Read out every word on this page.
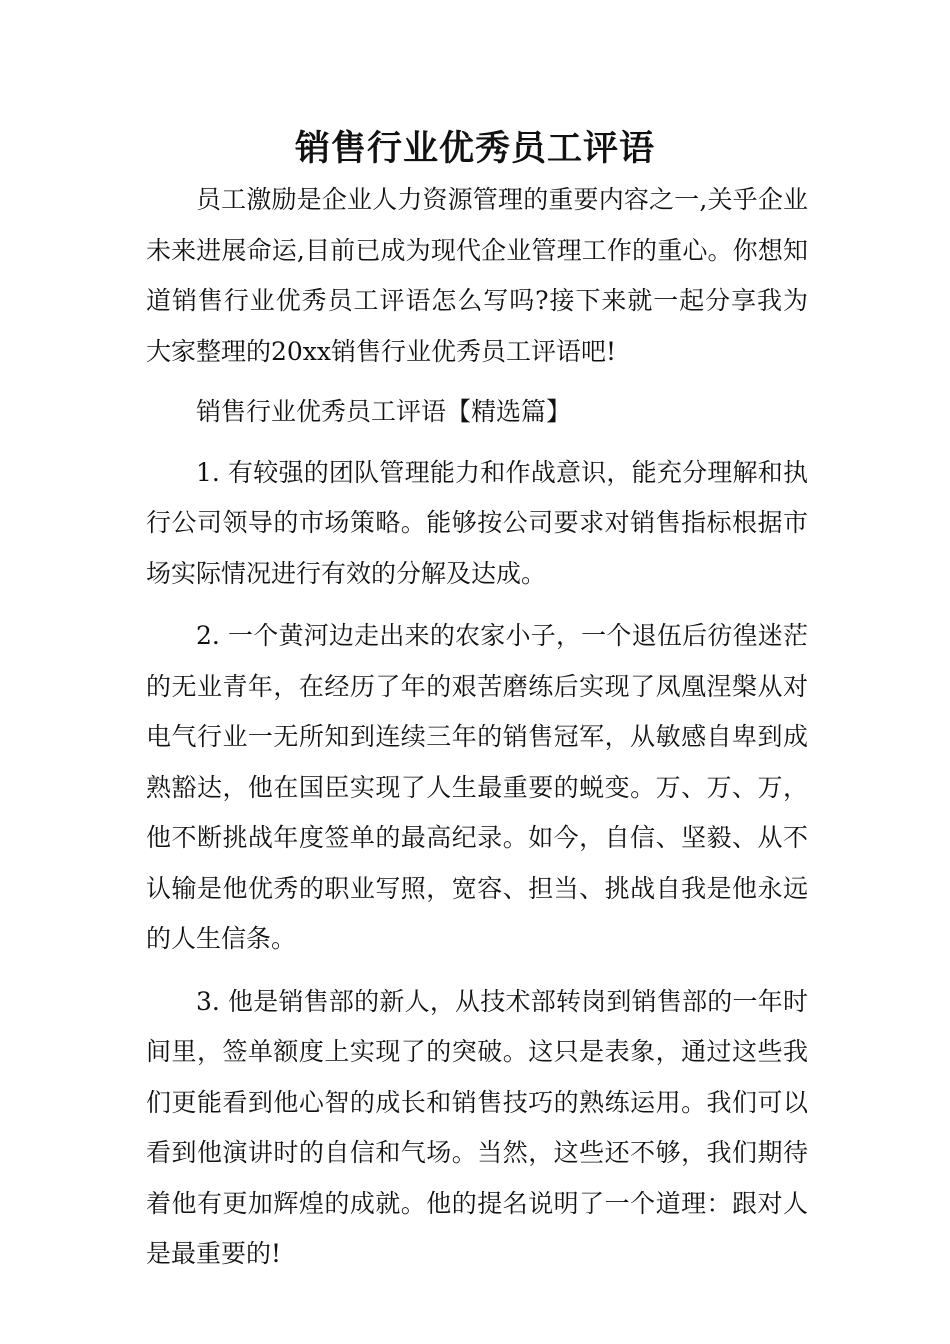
销售行业优秀员工评语

员工激励是企业人力资源管理的重要内容之一,关乎企业未来进展命运,目前已成为现代企业管理工作的重心。你想知道销售行业优秀员工评语怎么写吗?接下来就一起分享我为大家整理的20xx销售行业优秀员工评语吧!

销售行业优秀员工评语【精选篇】

1. 有较强的团队管理能力和作战意识，能充分理解和执行公司领导的市场策略。能够按公司要求对销售指标根据市场实际情况进行有效的分解及达成。

2. 一个黄河边走出来的农家小子，一个退伍后彷徨迷茫的无业青年，在经历了年的艰苦磨练后实现了凤凰涅槃从对电气行业一无所知到连续三年的销售冠军，从敏感自卑到成熟豁达，他在国臣实现了人生最重要的蜕变。万、万、万，他不断挑战年度签单的最高纪录。如今，自信、坚毅、从不认输是他优秀的职业写照，宽容、担当、挑战自我是他永远的人生信条。

3. 他是销售部的新人，从技术部转岗到销售部的一年时间里，签单额度上实现了的突破。这只是表象，通过这些我们更能看到他心智的成长和销售技巧的熟练运用。我们可以看到他演讲时的自信和气场。当然，这些还不够，我们期待着他有更加辉煌的成就。他的提名说明了一个道理：跟对人是最重要的!
